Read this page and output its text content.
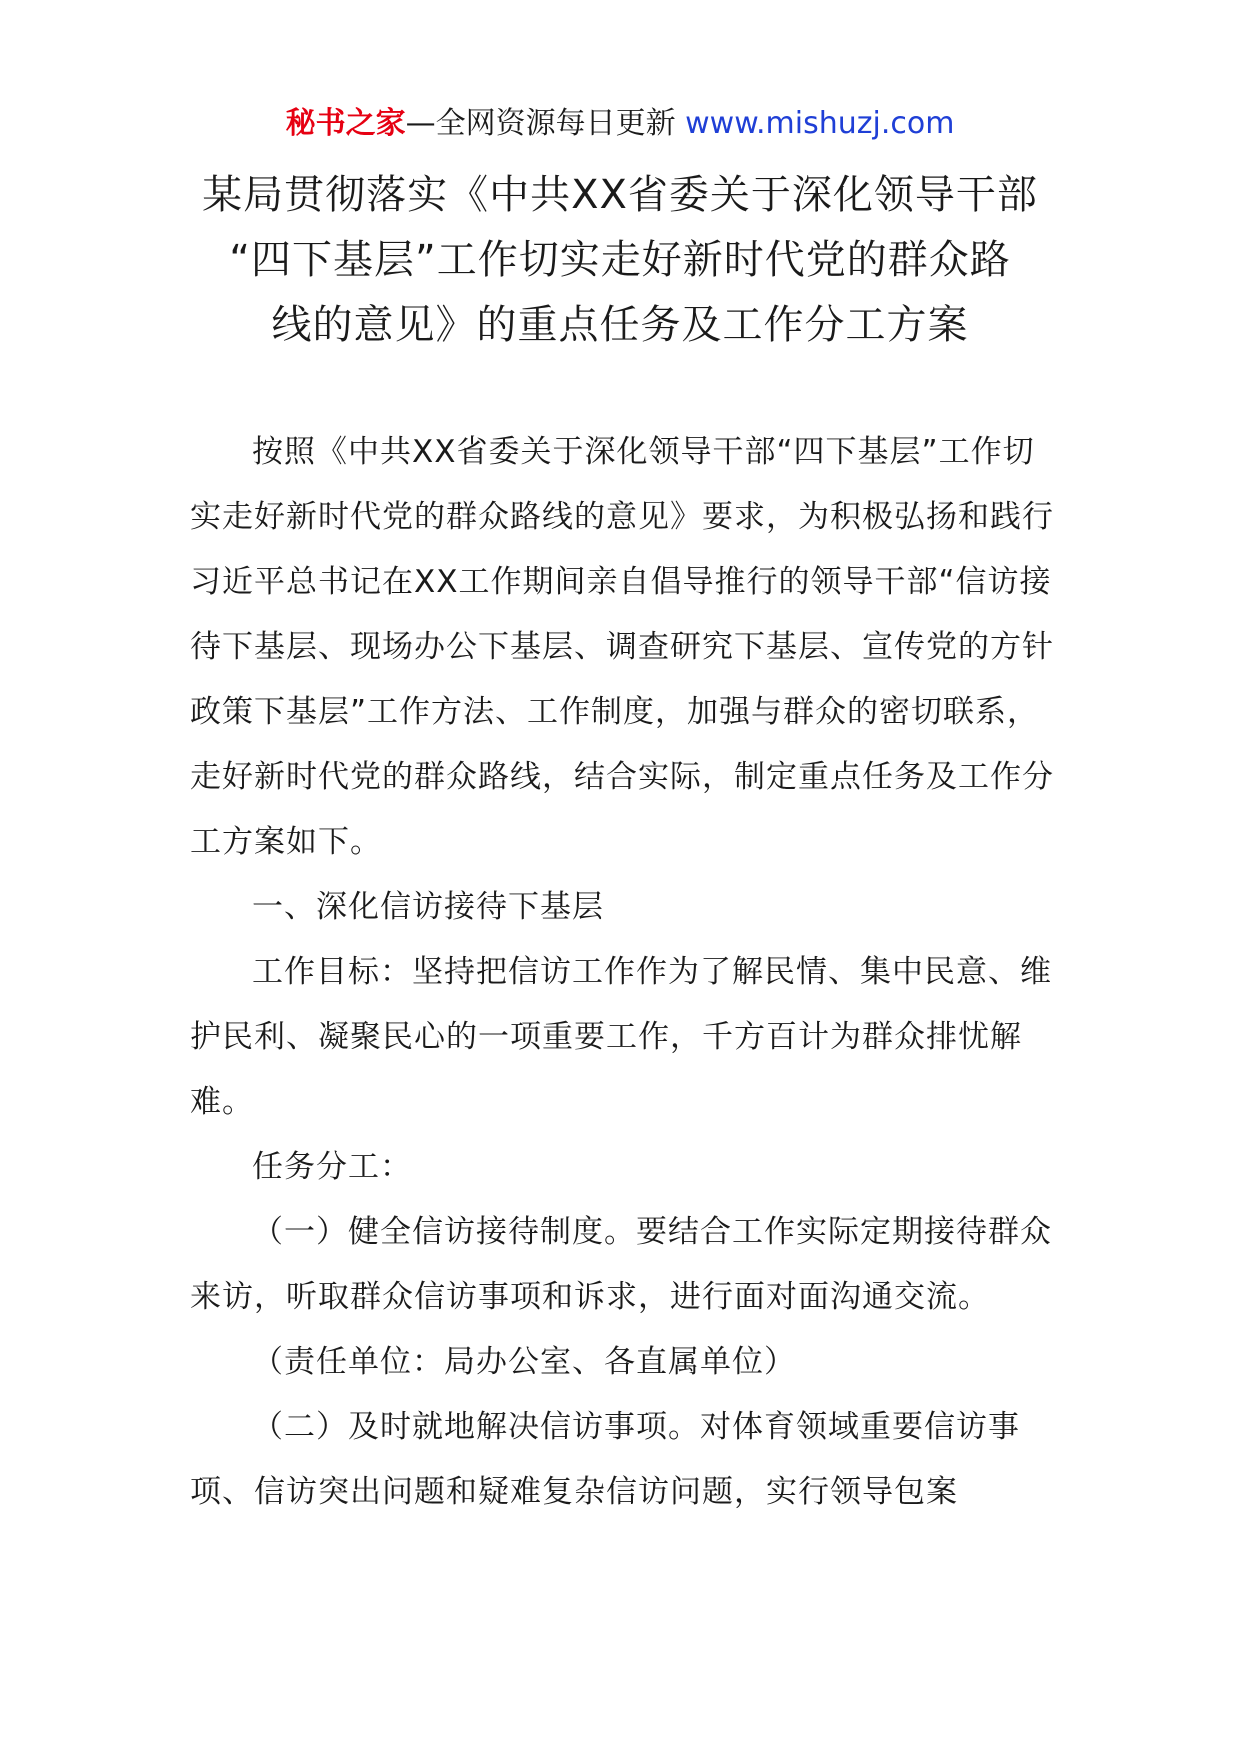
秘书之家—全网资源每日更新 www.mishuzj.com
某局贯彻落实《中共XX省委关于深化领导干部
“四下基层”工作切实走好新时代党的群众路
线的意见》的重点任务及工作分工方案

按照《中共XX省委关于深化领导干部“四下基层”工作切实走好新时代党的群众路线的意见》要求，为积极弘扬和践行习近平总书记在XX工作期间亲自倡导推行的领导干部“信访接待下基层、现场办公下基层、调查研究下基层、宣传党的方针政策下基层”工作方法、工作制度，加强与群众的密切联系，走好新时代党的群众路线，结合实际，制定重点任务及工作分工方案如下。

一、深化信访接待下基层

工作目标：坚持把信访工作作为了解民情、集中民意、维护民利、凝聚民心的一项重要工作，千方百计为群众排忧解难。

任务分工：

（一）健全信访接待制度。要结合工作实际定期接待群众来访，听取群众信访事项和诉求，进行面对面沟通交流。

（责任单位：局办公室、各直属单位）

（二）及时就地解决信访事项。对体育领域重要信访事项、信访突出问题和疑难复杂信访问题，实行领导包案
